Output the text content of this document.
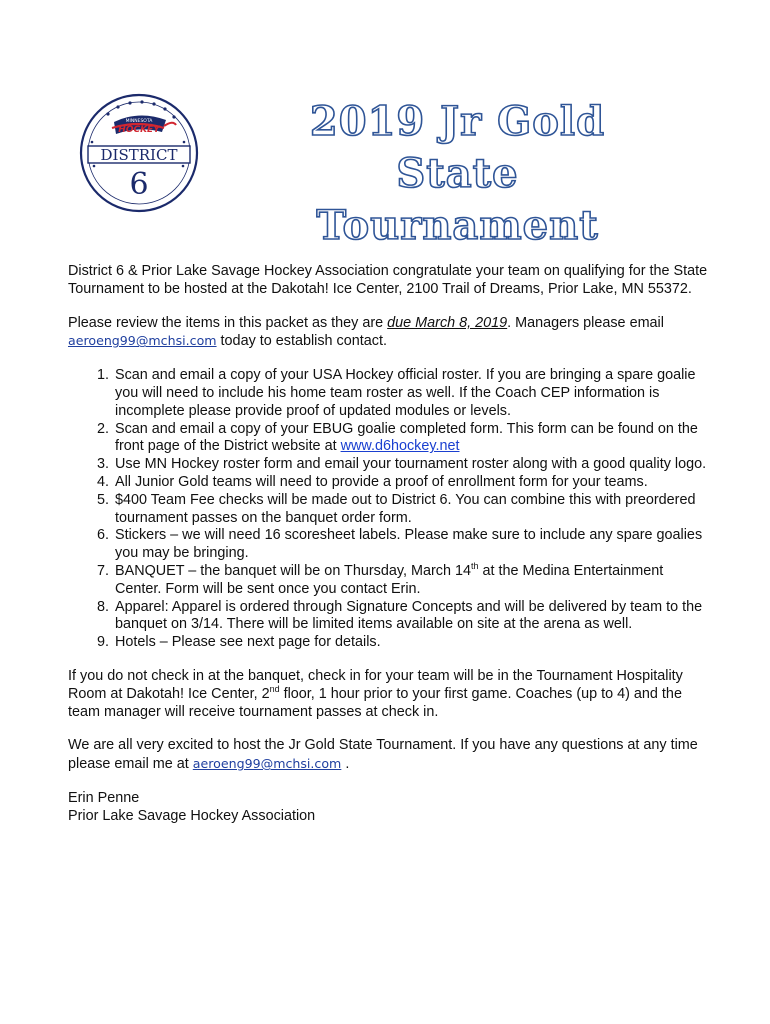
MINNESOTA
HOCKEY
DISTRICT
6
2019 Jr Gold State
Tournament

District 6 & Prior Lake Savage Hockey Association congratulate your team on qualifying for the State Tournament to be hosted at the Dakotah! Ice Center, 2100 Trail of Dreams, Prior Lake, MN 55372.

Please review the items in this packet as they are due March 8, 2019. Managers please email
aeroeng99@mchsi.com today to establish contact.

1. Scan and email a copy of your USA Hockey official roster. If you are bringing a spare goalie you will need to include his home team roster as well. If the Coach CEP information is incomplete please provide proof of updated modules or levels.
2. Scan and email a copy of your EBUG goalie completed form. This form can be found on the front page of the District website at www.d6hockey.net
3. Use MN Hockey roster form and email your tournament roster along with a good quality logo.
4. All Junior Gold teams will need to provide a proof of enrollment form for your teams.
5. $400 Team Fee checks will be made out to District 6. You can combine this with preordered tournament passes on the banquet order form.
6. Stickers – we will need 16 scoresheet labels. Please make sure to include any spare goalies you may be bringing.
7. BANQUET – the banquet will be on Thursday, March 14th at the Medina Entertainment Center. Form will be sent once you contact Erin.
8. Apparel: Apparel is ordered through Signature Concepts and will be delivered by team to the banquet on 3/14. There will be limited items available on site at the arena as well.
9. Hotels – Please see next page for details.

If you do not check in at the banquet, check in for your team will be in the Tournament Hospitality Room at Dakotah! Ice Center, 2nd floor, 1 hour prior to your first game. Coaches (up to 4) and the team manager will receive tournament passes at check in.

We are all very excited to host the Jr Gold State Tournament. If you have any questions at any time please email me at aeroeng99@mchsi.com .

Erin Penne

Prior Lake Savage Hockey Association
